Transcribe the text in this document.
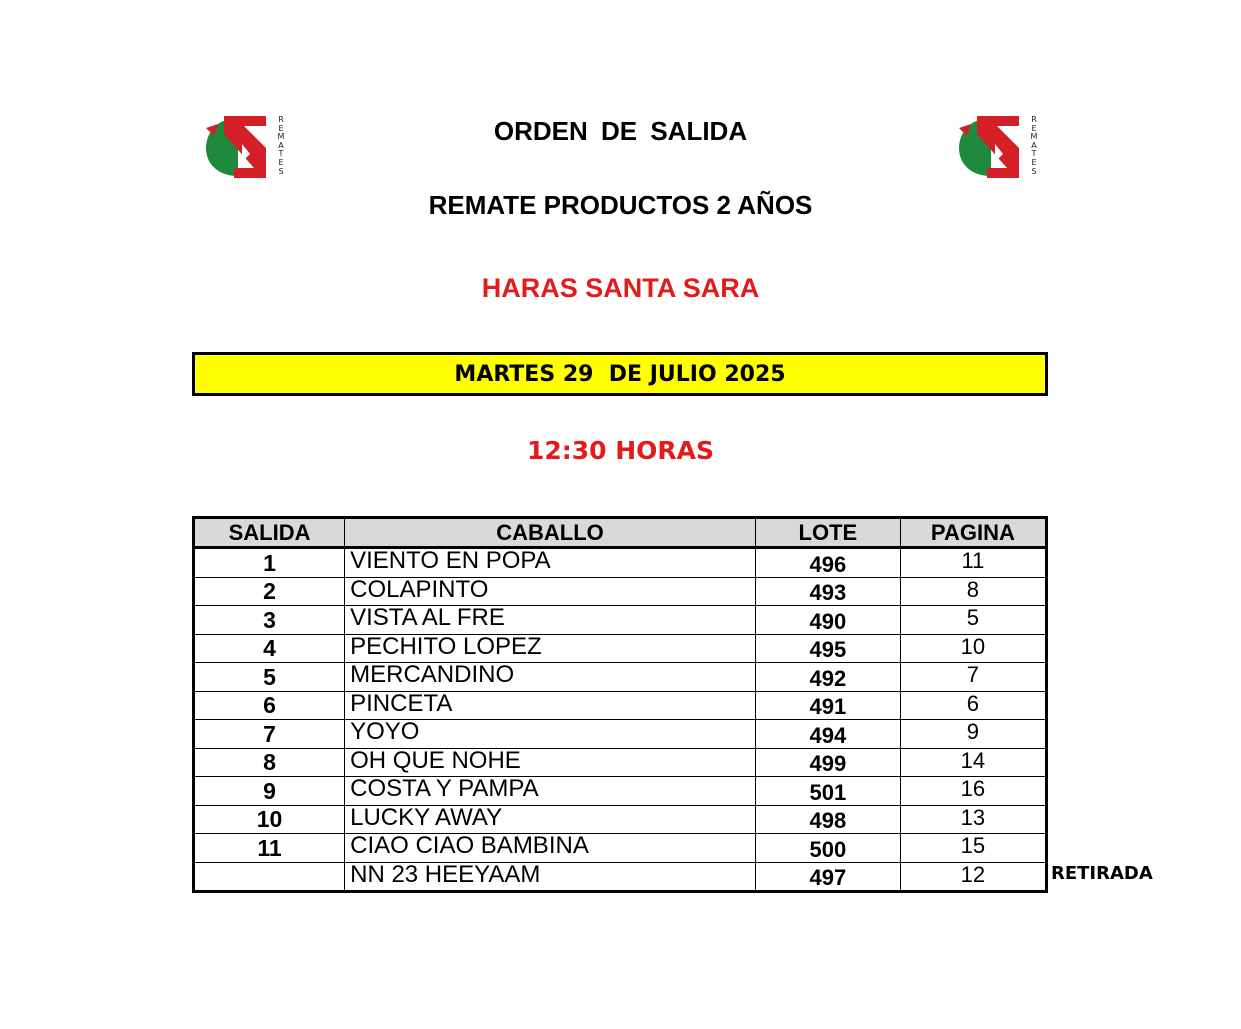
R
E
M
A
T
E
S
R
E
M
A
T
E
S
ORDEN DE SALIDA
REMATE PRODUCTOS 2 AÑOS
HARAS SANTA SARA
MARTES 29  DE JULIO 2025
12:30 HORAS
SALIDA	CABALLO	LOTE	PAGINA
1	VIENTO EN POPA	496	11
2	COLAPINTO	493	8
3	VISTA AL FRE	490	5
4	PECHITO LOPEZ	495	10
5	MERCANDINO	492	7
6	PINCETA	491	6
7	YOYO	494	9
8	OH QUE NOHE	499	14
9	COSTA Y PAMPA	501	16
10	LUCKY AWAY	498	13
11	CIAO CIAO BAMBINA	500	15
	NN 23 HEEYAAM	497	12	RETIRADA
